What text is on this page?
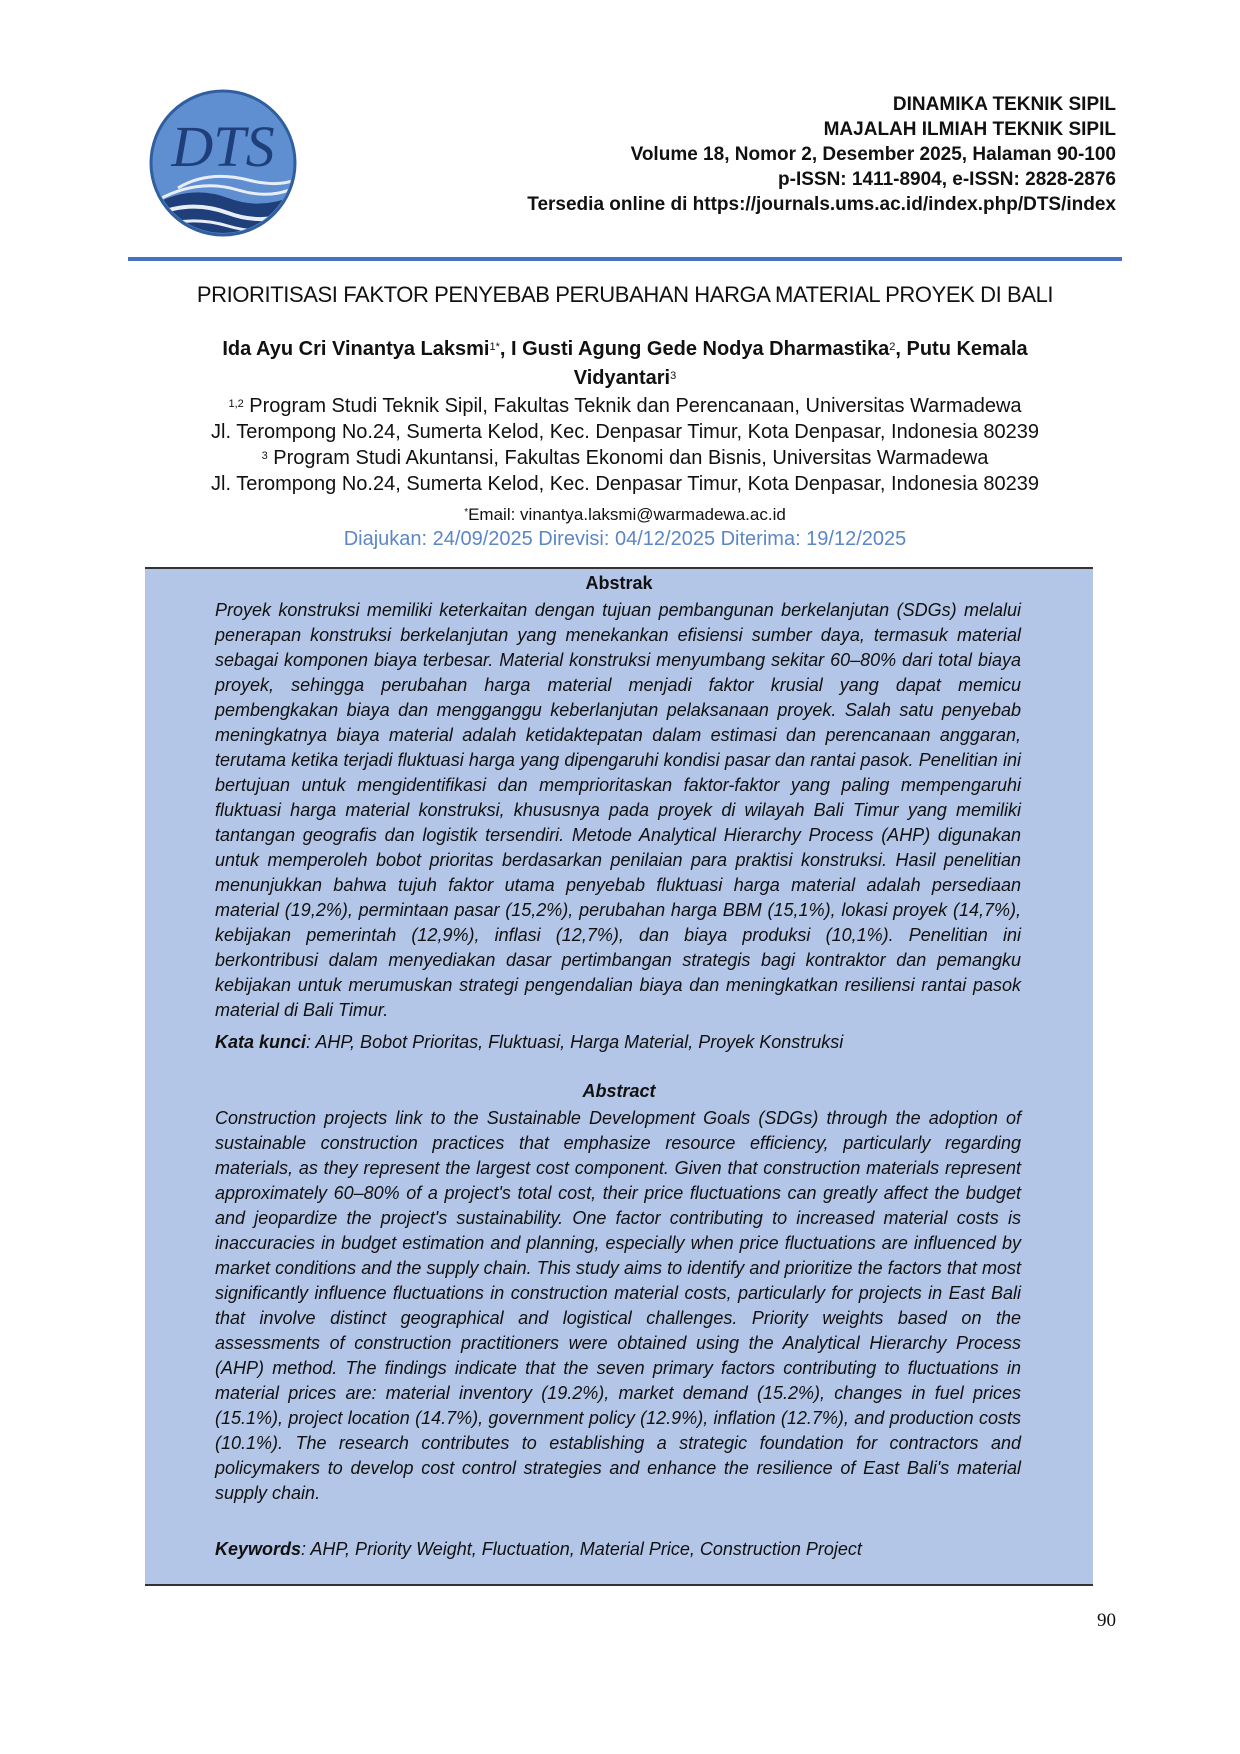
DTS
DINAMIKA TEKNIK SIPIL
MAJALAH ILMIAH TEKNIK SIPIL
Volume 18, Nomor 2, Desember 2025, Halaman 90-100
p-ISSN: 1411-8904, e-ISSN: 2828-2876
Tersedia online di https://journals.ums.ac.id/index.php/DTS/index
PRIORITISASI FAKTOR PENYEBAB PERUBAHAN HARGA MATERIAL PROYEK DI BALI
Ida Ayu Cri Vinantya Laksmi$^{1*}$, I Gusti Agung Gede Nodya Dharmastika$^2$, Putu Kemala Vidyantari$^3$
$^{1,2}$ Program Studi Teknik Sipil, Fakultas Teknik dan Perencanaan, Universitas Warmadewa
Jl. Terompong No.24, Sumerta Kelod, Kec. Denpasar Timur, Kota Denpasar, Indonesia 80239
$^3$ Program Studi Akuntansi, Fakultas Ekonomi dan Bisnis, Universitas Warmadewa
Jl. Terompong No.24, Sumerta Kelod, Kec. Denpasar Timur, Kota Denpasar, Indonesia 80239
*Email: vinantya.laksmi@warmadewa.ac.id
Diajukan: 24/09/2025 Direvisi: 04/12/2025 Diterima: 19/12/2025
Abstrak
Proyek konstruksi memiliki keterkaitan dengan tujuan pembangunan berkelanjutan (SDGs) melalui penerapan konstruksi berkelanjutan yang menekankan efisiensi sumber daya, termasuk material sebagai komponen biaya terbesar. Material konstruksi menyumbang sekitar 60–80% dari total biaya proyek, sehingga perubahan harga material menjadi faktor krusial yang dapat memicu pembengkakan biaya dan mengganggu keberlanjutan pelaksanaan proyek. Salah satu penyebab meningkatnya biaya material adalah ketidaktepatan dalam estimasi dan perencanaan anggaran, terutama ketika terjadi fluktuasi harga yang dipengaruhi kondisi pasar dan rantai pasok. Penelitian ini bertujuan untuk mengidentifikasi dan memprioritaskan faktor-faktor yang paling mempengaruhi fluktuasi harga material konstruksi, khususnya pada proyek di wilayah Bali Timur yang memiliki tantangan geografis dan logistik tersendiri. Metode Analytical Hierarchy Process (AHP) digunakan untuk memperoleh bobot prioritas berdasarkan penilaian para praktisi konstruksi. Hasil penelitian menunjukkan bahwa tujuh faktor utama penyebab fluktuasi harga material adalah persediaan material (19,2%), permintaan pasar (15,2%), perubahan harga BBM (15,1%), lokasi proyek (14,7%), kebijakan pemerintah (12,9%), inflasi (12,7%), dan biaya produksi (10,1%). Penelitian ini berkontribusi dalam menyediakan dasar pertimbangan strategis bagi kontraktor dan pemangku kebijakan untuk merumuskan strategi pengendalian biaya dan meningkatkan resiliensi rantai pasok material di Bali Timur.
Kata kunci: AHP, Bobot Prioritas, Fluktuasi, Harga Material, Proyek Konstruksi
Abstract
Construction projects link to the Sustainable Development Goals (SDGs) through the adoption of sustainable construction practices that emphasize resource efficiency, particularly regarding materials, as they represent the largest cost component. Given that construction materials represent approximately 60–80% of a project's total cost, their price fluctuations can greatly affect the budget and jeopardize the project's sustainability. One factor contributing to increased material costs is inaccuracies in budget estimation and planning, especially when price fluctuations are influenced by market conditions and the supply chain. This study aims to identify and prioritize the factors that most significantly influence fluctuations in construction material costs, particularly for projects in East Bali that involve distinct geographical and logistical challenges. Priority weights based on the assessments of construction practitioners were obtained using the Analytical Hierarchy Process (AHP) method. The findings indicate that the seven primary factors contributing to fluctuations in material prices are: material inventory (19.2%), market demand (15.2%), changes in fuel prices (15.1%), project location (14.7%), government policy (12.9%), inflation (12.7%), and production costs (10.1%). The research contributes to establishing a strategic foundation for contractors and policymakers to develop cost control strategies and enhance the resilience of East Bali's material supply chain.
Keywords: AHP, Priority Weight, Fluctuation, Material Price, Construction Project
90
